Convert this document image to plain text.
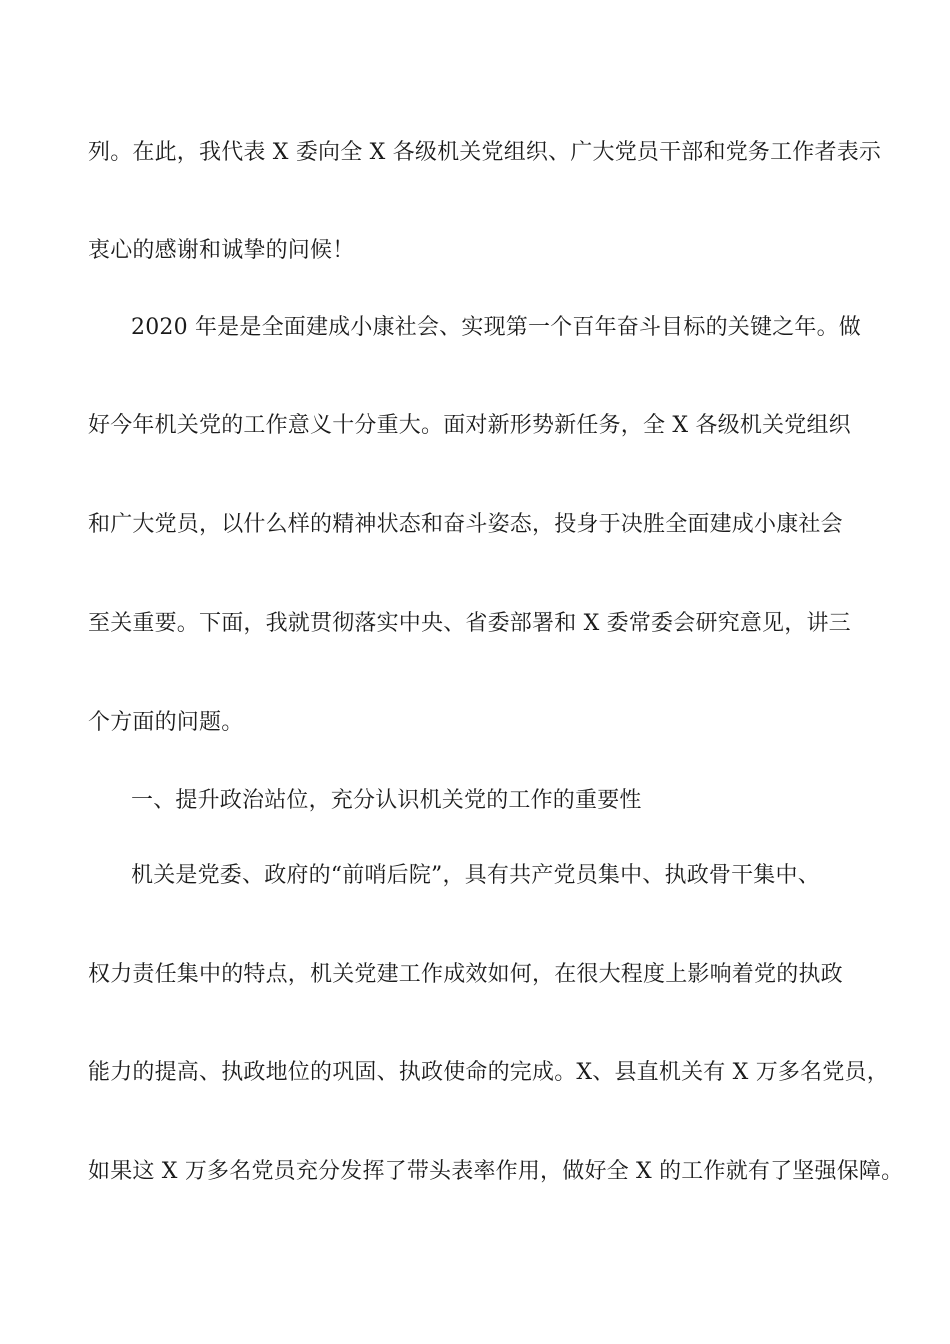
列。在此，我代表 X 委向全 X 各级机关党组织、广大党员干部和党务工作者表示
衷心的感谢和诚挚的问候！
2020 年是是全面建成小康社会、实现第一个百年奋斗目标的关键之年。做
好今年机关党的工作意义十分重大。面对新形势新任务，全 X 各级机关党组织
和广大党员，以什么样的精神状态和奋斗姿态，投身于决胜全面建成小康社会
至关重要。下面，我就贯彻落实中央、省委部署和 X 委常委会研究意见，讲三
个方面的问题。
一、提升政治站位，充分认识机关党的工作的重要性
机关是党委、政府的“前哨后院”，具有共产党员集中、执政骨干集中、
权力责任集中的特点，机关党建工作成效如何，在很大程度上影响着党的执政
能力的提高、执政地位的巩固、执政使命的完成。X、县直机关有 X 万多名党员，
如果这 X 万多名党员充分发挥了带头表率作用，做好全 X 的工作就有了坚强保障。
